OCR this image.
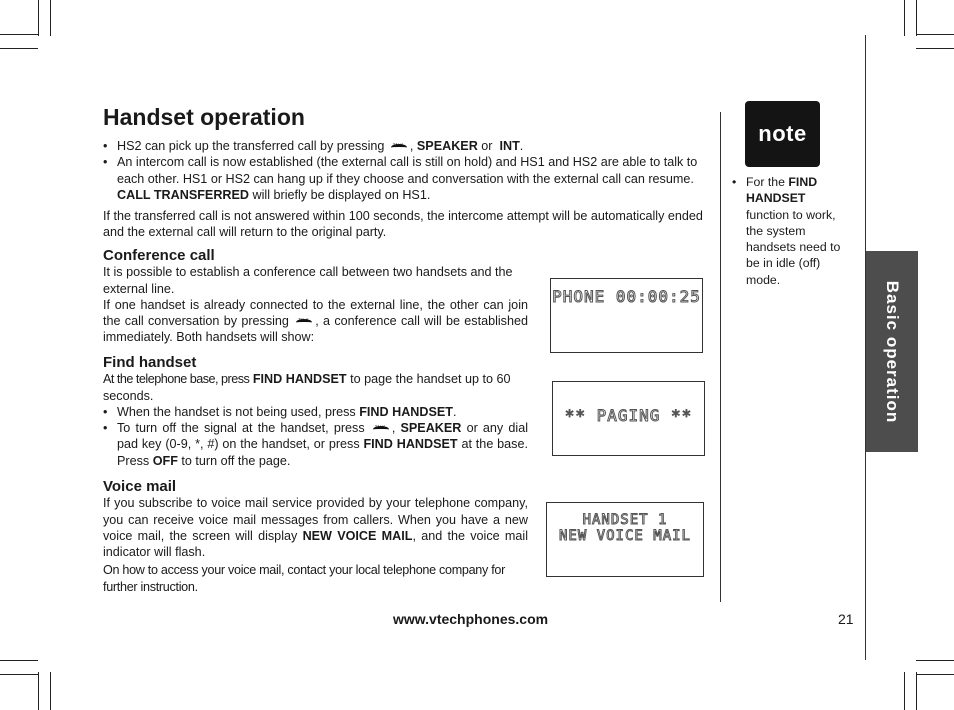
Handset operation
• HS2 can pick up the transferred call by pressing TALK , SPEAKER or INT.
• An intercom call is now established (the external call is still on hold) and HS1 and HS2 are able to talk to each other. HS1 or HS2 can hang up if they choose and conversation with the external call can resume. CALL TRANSFERRED will briefly be displayed on HS1.

If the transferred call is not answered within 100 seconds, the intercome attempt will be automatically ended and the external call will return to the original party.

Conference call

It is possible to establish a conference call between two handsets and the external line.

If one handset is already connected to the external line, the other can join the call conversation by pressing TALK , a conference call will be established immediately. Both handsets will show:

PHONE 00:00:25
Find handset

At the telephone base, press FIND HANDSET to page the handset up to 60 seconds.

• When the handset is not being used, press FIND HANDSET.
• To turn off the signal at the handset, press TALK , SPEAKER or any dial pad key (0-9, *, #) on the handset, or press FIND HANDSET at the base. Press OFF to turn off the page.
** PAGING **
Voice mail

If you subscribe to voice mail service provided by your telephone company, you can receive voice mail messages from callers. When you have a new voice mail, the screen will display NEW VOICE MAIL, and the voice mail indicator will flash.

On how to access your voice mail, contact your local telephone company for further instruction.

HANDSET 1
NEW VOICE MAIL
note
• For the FIND HANDSET function to work, the system handsets need to be in idle (off) mode.
Basic operation
www.vtechphones.com	21
